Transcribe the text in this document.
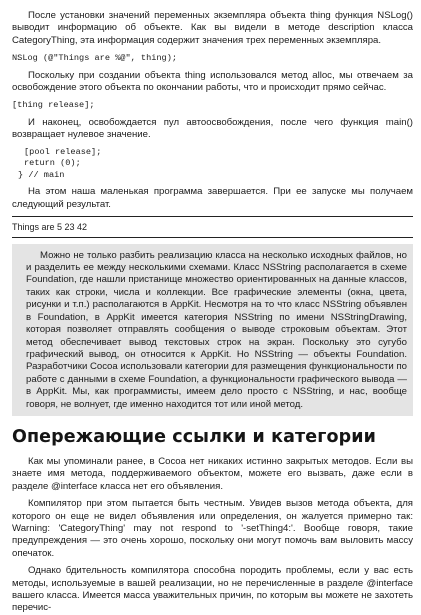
После установки значений переменных экземпляра объекта thing функция NSLog() выводит информацию об объекте. Как вы видели в методе description класса CategoryThing, эта информация содержит значения трех переменных экземпляра.

NSLog (@"Things are %@", thing);

Поскольку при создании объекта thing использовался метод alloc, мы отвечаем за освобождение этого объекта по окончании работы, что и происходит прямо сейчас.

[thing release];

И наконец, освобождается пул автоосвобождения, после чего функция main() возвращает нулевое значение.

[pool release];
return (0);
} // main

На этом наша маленькая программа завершается. При ее запуске мы получаем следующий результат.

Things are 5 23 42
Можно не только разбить реализацию класса на несколько исходных файлов, но и разделить ее между несколькими схемами. Класс NSString располагается в схеме Foundation, где нашли пристанище множество ориентированных на данные классов, таких как строки, числа и коллекции. Все графические элементы (окна, цвета, рисунки и т.п.) располагаются в AppKit. Несмотря на то что класс NSString объявлен в Foundation, в AppKit имеется категория NSString по имени NSStringDrawing, которая позволяет отправлять сообщения о выводе строковым объектам. Этот метод обеспечивает вывод текстовых строк на экран. Поскольку это сугубо графический вывод, он относится к AppKit. Но NSString — объекты Foundation. Разработчики Cocoa использовали категории для размещения функциональности по работе с данными в схеме Foundation, а функциональности графического вывода — в AppKit. Мы, как программисты, имеем дело просто с NSString, и нас, вообще говоря, не волнует, где именно находится тот или иной метод.
Опережающие ссылки и категории

Как мы упоминали ранее, в Cocoa нет никаких истинно закрытых методов. Если вы знаете имя метода, поддерживаемого объектом, можете его вызвать, даже если в разделе @interface класса нет его объявления.

Компилятор при этом пытается быть честным. Увидев вызов метода объекта, для которого он еще не видел объявления или определения, он жалуется примерно так: Warning: 'CategoryThing' may not respond to '-setThing4:'. Вообще говоря, такие предупреждения — это очень хорошо, поскольку они могут помочь вам выловить массу опечаток.

Однако бдительность компилятора способна породить проблемы, если у вас есть методы, используемые в вашей реализации, но не перечисленные в разделе @interface вашего класса. Имеется масса уважительных причин, по которым вы можете не захотеть перечис-
